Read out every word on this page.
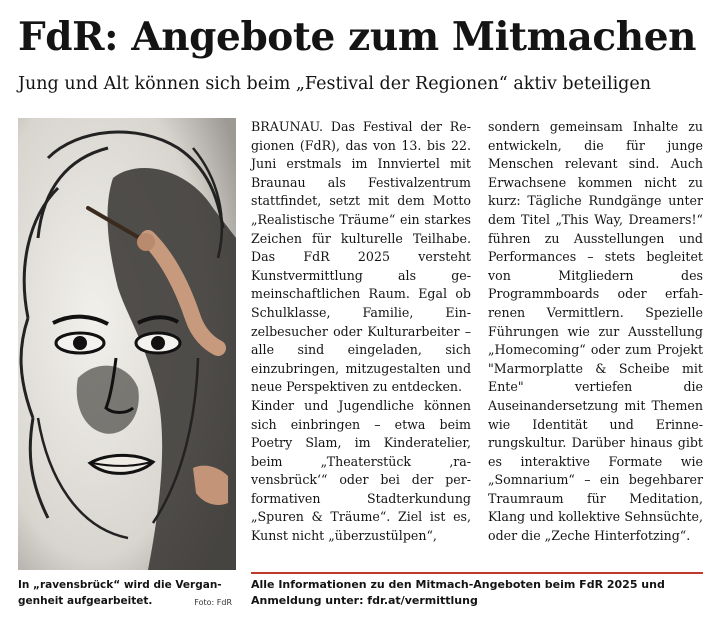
FdR: Angebote zum Mitmachen
Jung und Alt können sich beim „Festival der Regionen“ aktiv beteiligen

BRAUNAU. Das Festival der Regionen (FdR), das von 13. bis 22. Juni erstmals im Innviertel mit Braunau als Festivalzentrum stattfindet, setzt mit dem Motto „Realistische Träume“ ein starkes Zeichen für kulturelle Teilhabe. Das FdR 2025 versteht Kunstvermittlung als gemeinschaftlichen Raum. Egal ob Schulklasse, Familie, Einzelbesucher oder Kulturarbeiter – alle sind eingeladen, sich einzubringen, mitzugestalten und neue Perspektiven zu entdecken.

Kinder und Jugendliche können sich einbringen – etwa beim Poetry Slam, im Kinderatelier, beim „Theaterstück ‚ravensbrück‘“ oder bei der performativen Stadterkundung „Spuren & Träume“. Ziel ist es, Kunst nicht „überzustülpen“,

sondern gemeinsam Inhalte zu entwickeln, die für junge Menschen relevant sind. Auch Erwachsene kommen nicht zu kurz: Tägliche Rundgänge unter dem Titel „This Way, Dreamers!“ führen zu Ausstellungen und Performances – stets begleitet von Mitgliedern des Programmboards oder erfahrenen Vermittlern. Spezielle Führungen wie zur Ausstellung „Homecoming“ oder zum Projekt "Marmorplatte & Scheibe mit Ente" vertiefen die Auseinandersetzung mit Themen wie Identität und Erinnerungskultur. Darüber hinaus gibt es interaktive Formate wie „Somnarium“ – ein begehbarer Traumraum für Meditation, Klang und kollektive Sehnsüchte, oder die „Zeche Hinterfotzing“.

In „ravensbrück“ wird die Vergangenheit aufgearbeitet.	Foto: FdR

Alle Informationen zu den Mitmach-Angeboten beim FdR 2025 und Anmeldung unter: fdr.at/vermittlung
